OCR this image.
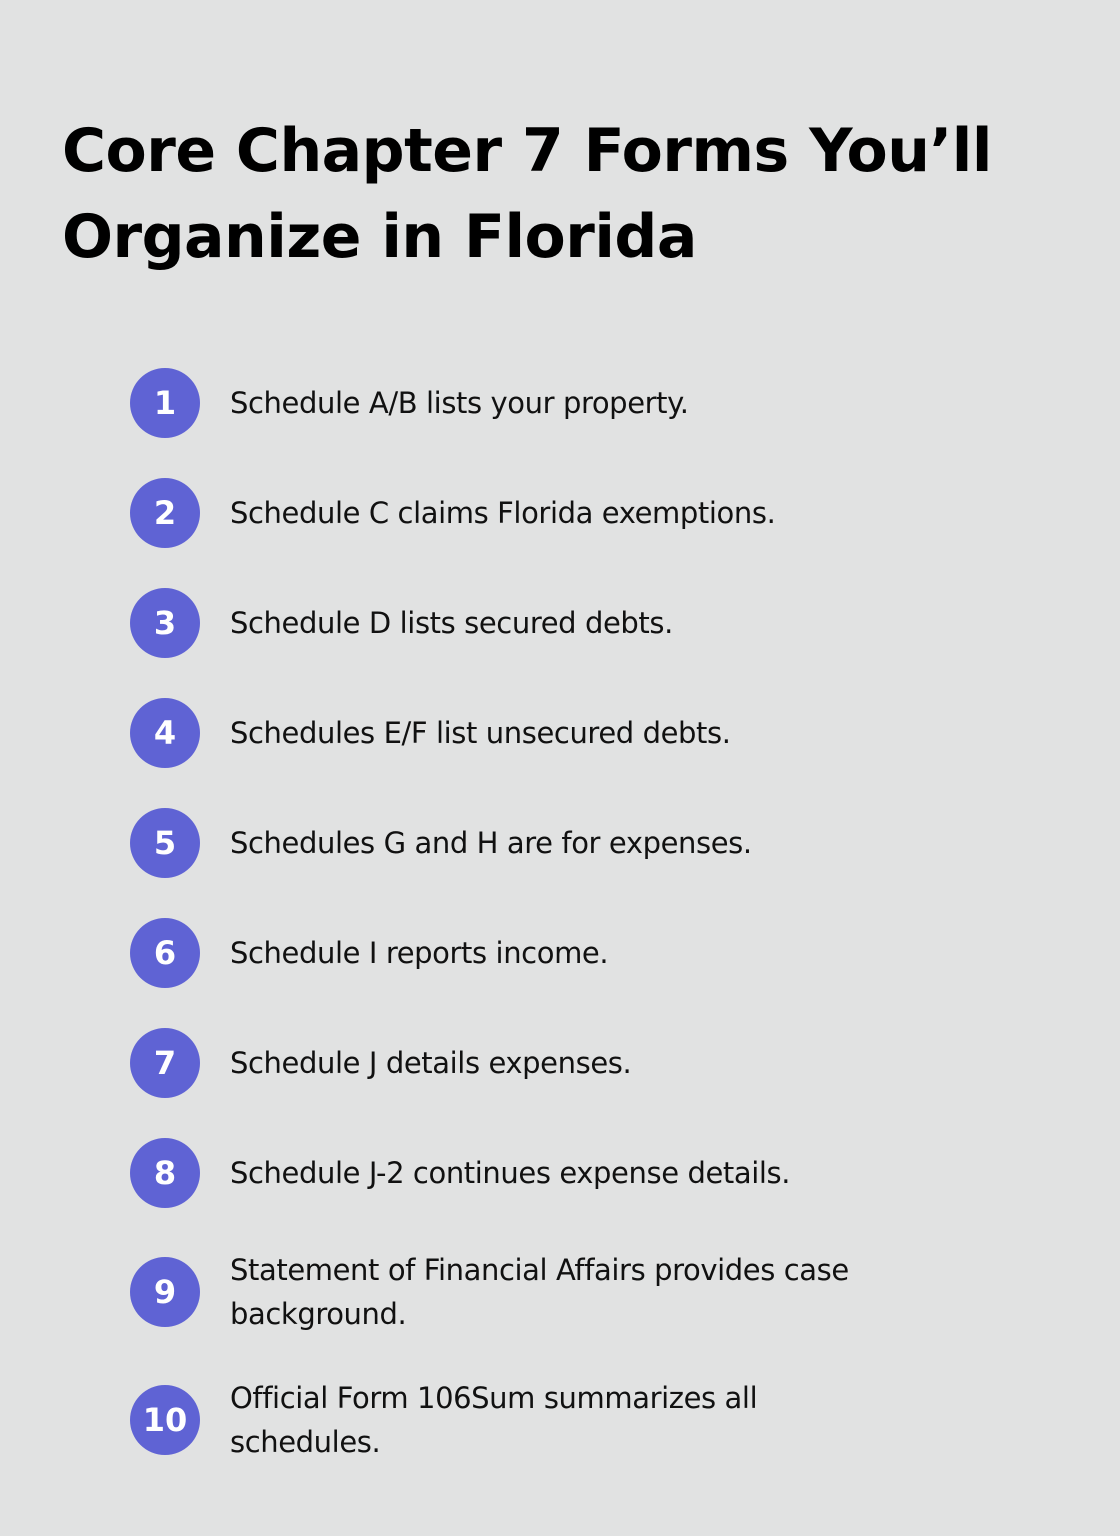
Core Chapter 7 Forms You’ll Organize in Florida
1	Schedule A/B lists your property.
2	Schedule C claims Florida exemptions.
3	Schedule D lists secured debts.
4	Schedules E/F list unsecured debts.
5	Schedules G and H are for expenses.
6	Schedule I reports income.
7	Schedule J details expenses.
8	Schedule J-2 continues expense details.
9
Statement of Financial Affairs provides case background.
10
Official Form 106Sum summarizes all schedules.
